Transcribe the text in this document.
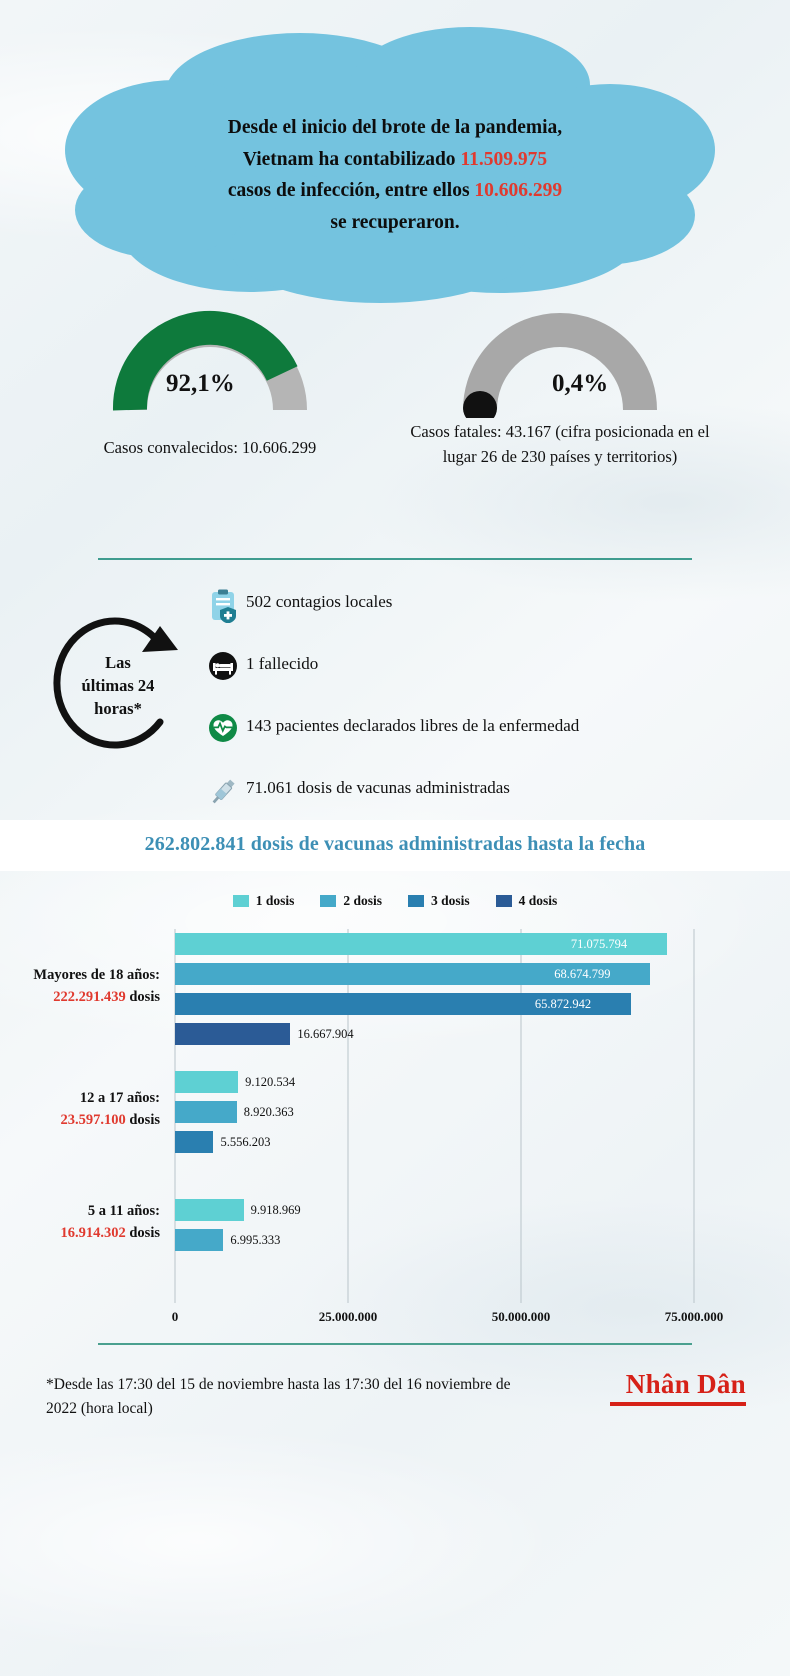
Desde el inicio del brote de la pandemia,
Vietnam ha contabilizado 11.509.975
casos de infección, entre ellos 10.606.299
se recuperaron.
92,1%
Casos convalecidos: 10.606.299
0,4%
Casos fatales: 43.167 (cifra posicionada en el lugar 26 de 230 países y territorios)
Las
últimas 24
horas*
502 contagios locales
1 fallecido
143 pacientes declarados libres de la enfermedad
71.061 dosis de vacunas administradas
262.802.841 dosis de vacunas administradas hasta la fecha
1 dosis	2 dosis	3 dosis	4 dosis
71.075.794
68.674.799
65.872.942
16.667.904
Mayores de 18 años:
222.291.439 dosis
9.120.534
8.920.363
5.556.203
12 a 17 años:
23.597.100 dosis
9.918.969
6.995.333
5 a 11 años:
16.914.302 dosis
0	25.000.000	50.000.000	75.000.000
*Desde las 17:30 del 15 de noviembre hasta las 17:30 del 16 noviembre de 2022 (hora local)
Nhân Dân
